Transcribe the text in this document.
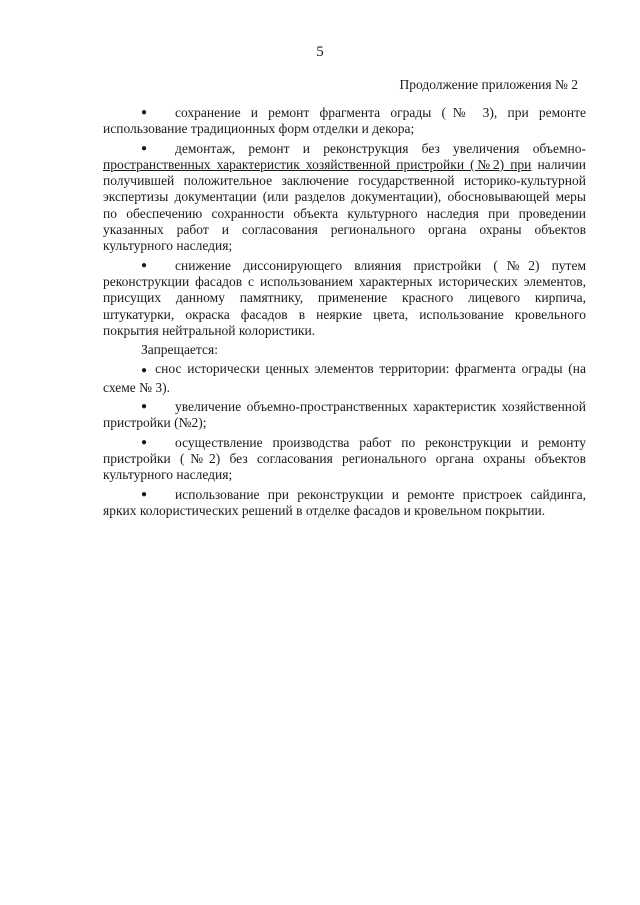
5
Продолжение приложения № 2

● сохранение и ремонт фрагмента ограды (№ 3), при ремонте использование традиционных форм отделки и декора;

● демонтаж, ремонт и реконструкция без увеличения объемно-пространственных характеристик хозяйственной пристройки (№2) при наличии получившей положительное заключение государственной историко-культурной экспертизы документации (или разделов документации), обосновывающей меры по обеспечению сохранности объекта культурного наследия при проведении указанных работ и согласования регионального органа охраны объектов культурного наследия;

● снижение диссонирующего влияния пристройки (№2) путем реконструкции фасадов с использованием характерных исторических элементов, присущих данному памятнику, применение красного лицевого кирпича, штукатурки, окраска фасадов в неяркие цвета, использование кровельного покрытия нейтральной колористики.

Запрещается:

● снос исторически ценных элементов территории: фрагмента ограды (на схеме № 3).

● увеличение объемно-пространственных характеристик хозяйственной пристройки (№2);

● осуществление производства работ по реконструкции и ремонту пристройки (№2) без согласования регионального органа охраны объектов культурного наследия;

● использование при реконструкции и ремонте пристроек сайдинга, ярких колористических решений в отделке фасадов и кровельном покрытии.
